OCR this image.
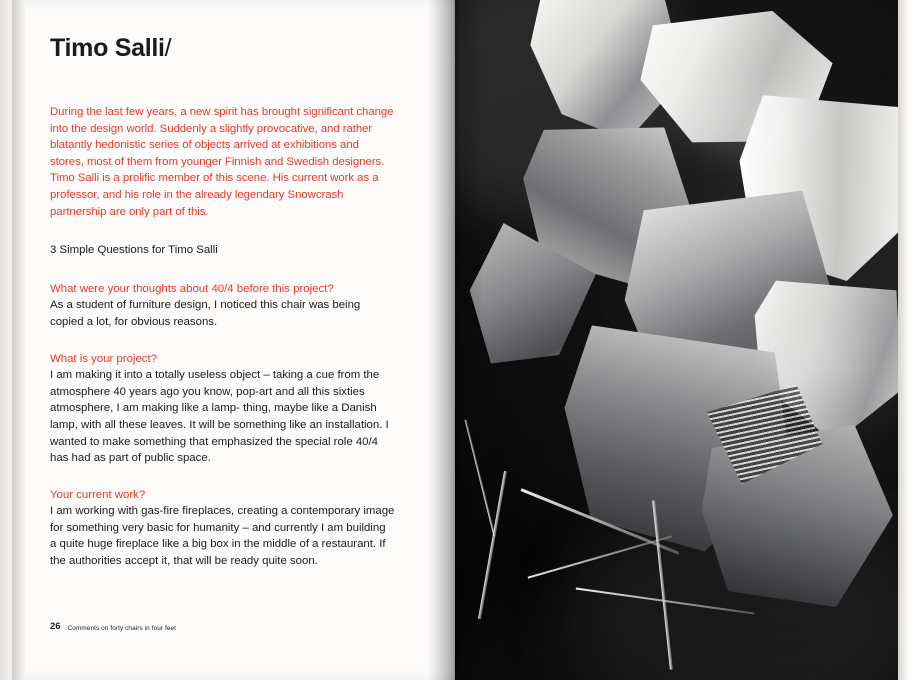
Timo Salli/

During the last few years, a new spirit has brought significant change into the design world. Suddenly a slightly provocative, and rather blatantly hedonistic series of objects arrived at exhibitions and stores, most of them from younger Finnish and Swedish designers. Timo Salli is a prolific member of this scene. His current work as a professor, and his role in the already legendary Snowcrash partnership are only part of this.

3 Simple Questions for Timo Salli

What were your thoughts about 40/4 before this project?

As a student of furniture design, I noticed this chair was being copied a lot, for obvious reasons.

What is your project?

I am making it into a totally useless object – taking a cue from the atmosphere 40 years ago you know, pop-art and all this sixties atmosphere, I am making like a lamp- thing, maybe like a Danish lamp, with all these leaves. It will be something like an installation. I wanted to make something that emphasized the special role 40/4 has had as part of public space.

Your current work?

I am working with gas-fire fireplaces, creating a contemporary image for something very basic for humanity – and currently I am building a quite huge fireplace like a big box in the middle of a restaurant. If the authorities accept it, that will be ready quite soon.

26 Comments on forty chairs in four feet
